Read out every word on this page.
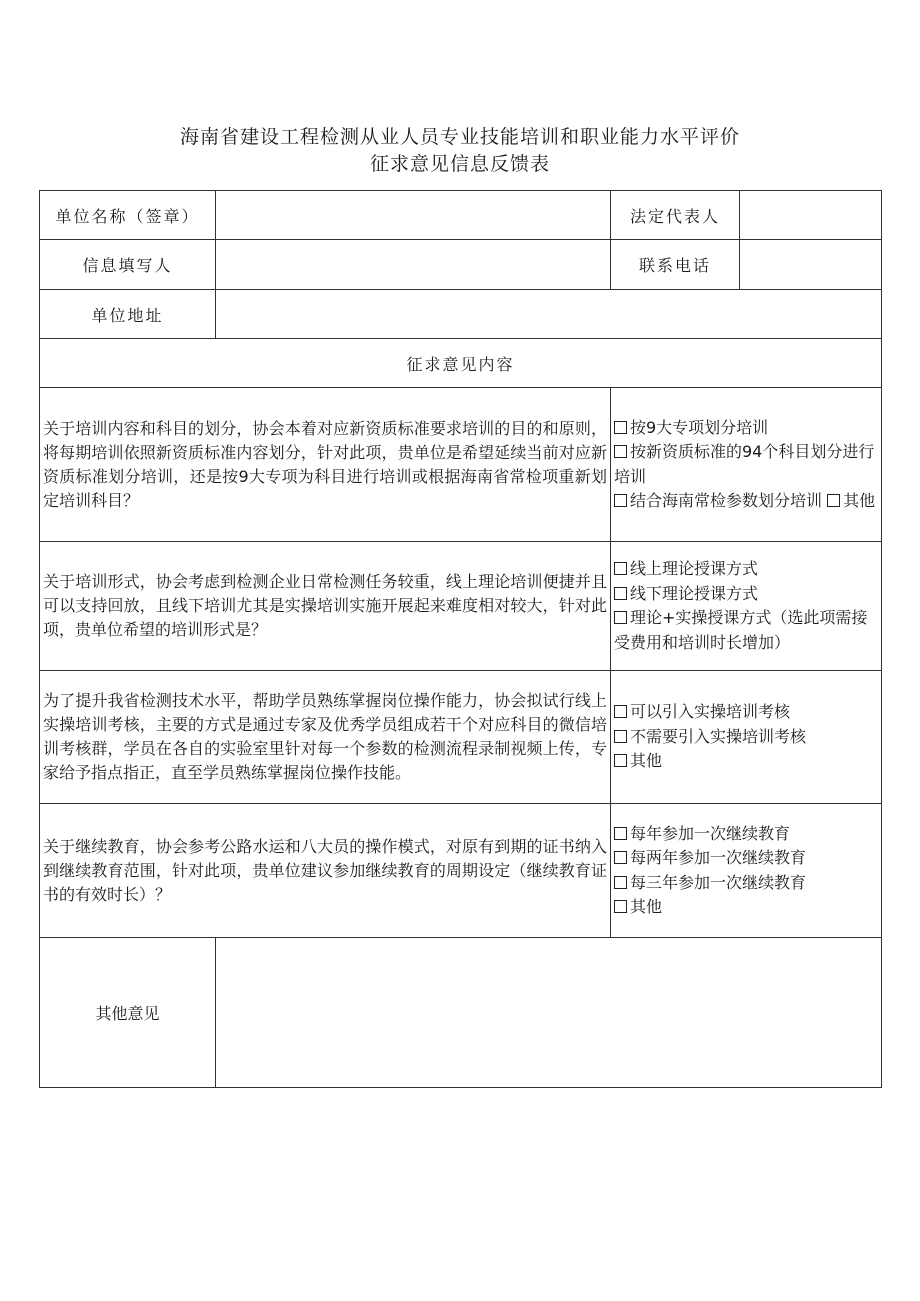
海南省建设工程检测从业人员专业技能培训和职业能力水平评价
征求意见信息反馈表
单位名称（签章）		法定代表人	
信息填写人		联系电话	
单位地址			
征求意见内容			
关于培训内容和科目的划分，协会本着对应新资质标准要求培训的目的和原则，将每期培训依照新资质标准内容划分，针对此项，贵单位是希望延续当前对应新资质标准划分培训，还是按9大专项为科目进行培训或根据海南省常检项重新划定培训科目？		按9大专项划分培训
按新资质标准的94个科目划分进行培训
结合海南常检参数划分培训 其他	
关于培训形式，协会考虑到检测企业日常检测任务较重，线上理论培训便捷并且可以支持回放，且线下培训尤其是实操培训实施开展起来难度相对较大，针对此项，贵单位希望的培训形式是？		线上理论授课方式
线下理论授课方式
理论+实操授课方式（选此项需接受费用和培训时长增加）	

为了提升我省检测技术水平，帮助学员熟练掌握岗位操作能力，协会拟试行线上实操培训考核，主要的方式是通过专家及优秀学员组成若干个对应科目的微信培训考核群，学员在各自的实验室里针对每一个参数的检测流程录制视频上传，专家给予指点指正，直至学员熟练掌握岗位操作技能。		可以引入实操培训考核
不需要引入实操培训考核
其他	

关于继续教育，协会参考公路水运和八大员的操作模式，对原有到期的证书纳入到继续教育范围，针对此项，贵单位建议参加继续教育的周期设定（继续教育证书的有效时长）？		每年参加一次继续教育
每两年参加一次继续教育
每三年参加一次继续教育
其他	

其他意见			
